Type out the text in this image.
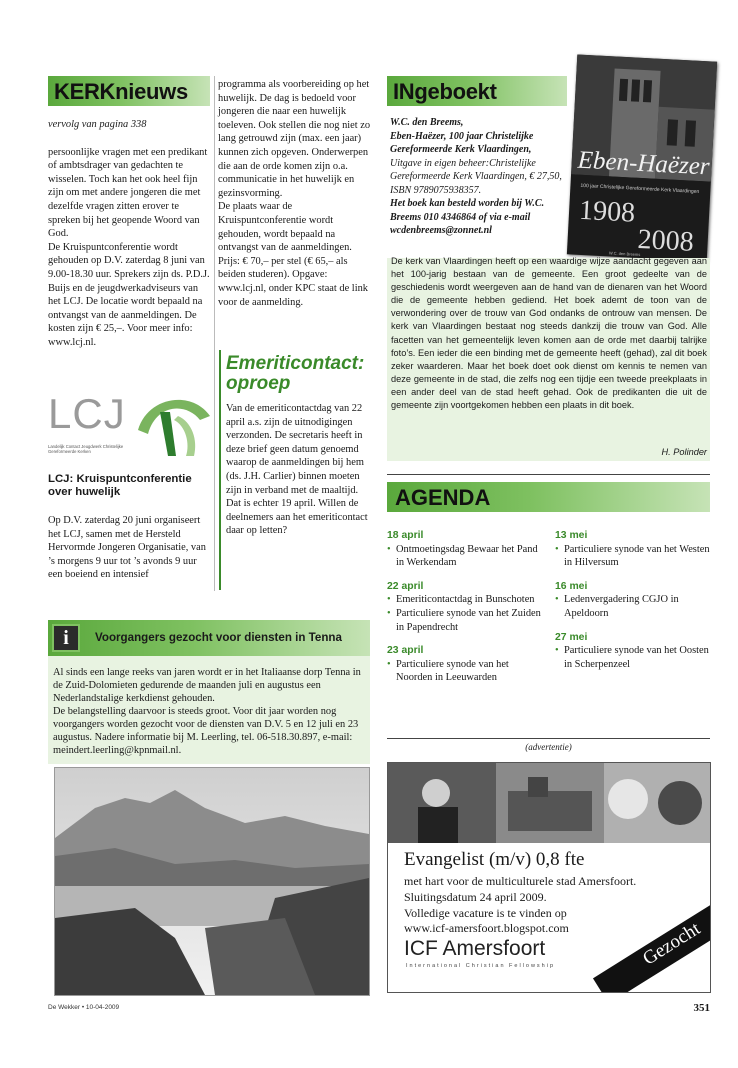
KERKnieuws

vervolg van pagina 338

persoonlijke vragen met een predikant of ambtsdrager van gedachten te wisselen. Toch kan het ook heel fijn zijn om met andere jongeren die met dezelfde vragen zitten erover te spreken bij het geopende Woord van God.

De Kruispuntconferentie wordt gehouden op D.V. zaterdag 8 juni van 9.00-18.30 uur. Sprekers zijn ds. P.D.J. Buijs en de jeugdwerkadviseurs van het LCJ. De locatie wordt bepaald na ontvangst van de aanmeldingen. De kosten zijn € 25,–. Voor meer info: www.lcj.nl.

LCJ
Landelijk Contact Jeugdwerk Christelijke Gereformeerde Kerken
LCJ: Kruispuntconferentie over huwelijk
Op D.V. zaterdag 20 juni organiseert het LCJ, samen met de Hersteld Hervormde Jongeren Organisatie, van ’s morgens 9 uur tot ’s avonds 9 uur een boeiend en intensief

programma als voorbereiding op het huwelijk. De dag is bedoeld voor jongeren die naar een huwelijk toeleven. Ook stellen die nog niet zo lang getrouwd zijn (max. een jaar) kunnen zich opgeven. Onderwerpen die aan de orde komen zijn o.a. communicatie in het huwelijk en gezinsvorming.

De plaats waar de Kruispuntconferentie wordt gehouden, wordt bepaald na ontvangst van de aanmeldingen. Prijs: € 70,– per stel (€ 65,– als beiden studeren). Opgave: www.lcj.nl, onder KPC staat de link voor de aanmelding.

Emeriticontact: oproep
Van de emeriticontactdag van 22 april a.s. zijn de uitnodigingen verzonden. De secretaris heeft in deze brief geen datum genoemd waarop de aanmeldingen bij hem (ds. J.H. Carlier) binnen moeten zijn in verband met de maaltijd. Dat is echter 19 april. Willen de deelnemers aan het emeriticontact daar op letten?
INgeboekt
W.C. den Breems,
Eben-Haëzer, 100 jaar Christelijke Gereformeerde Kerk Vlaardingen,
Uitgave in eigen beheer:Christelijke Gereformeerde Kerk Vlaardingen, € 27,50, ISBN 9789075938357.
Het boek kan besteld worden bij W.C. Breems 010 4346864 of via e-mail wcdenbreems@zonnet.nl
Eben-Haëzer
100 jaar Christelijke Gereformeerde Kerk Vlaardingen
1908
2008
W.C. den Breems
De kerk van Vlaardingen heeft op een waardige wijze aandacht gegeven aan het 100-jarig bestaan van de gemeente. Een groot gedeelte van de geschiedenis wordt weergeven aan de hand van de dienaren van het Woord die de gemeente hebben gediend. Het boek ademt de toon van de verwondering over de trouw van God ondanks de ontrouw van mensen. De kerk van Vlaardingen bestaat nog steeds dankzij die trouw van God. Alle facetten van het gemeentelijk leven komen aan de orde met daarbij talrijke foto’s. Een ieder die een binding met de gemeente heeft (gehad), zal dit boek zeker waarderen. Maar het boek doet ook dienst om kennis te nemen van deze gemeente in de stad, die zelfs nog een tijdje een tweede preekplaats in een ander deel van de stad heeft gehad. Ook de predikanten die uit de gemeente zijn voortgekomen hebben een plaats in dit boek.
H. Polinder
AGENDA
18 april
• Ontmoetingsdag Bewaar het Pand in Werkendam
22 april
• Emeriticontactdag in Bunschoten
• Particuliere synode van het Zuiden in Papendrecht
23 april
• Particuliere synode van het Noorden in Leeuwarden
13 mei
• Particuliere synode van het Westen in Hilversum
16 mei
• Ledenvergadering CGJO in Apeldoorn
27 mei
• Particuliere synode van het Oosten in Scherpenzeel
i	Voorgangers gezocht voor diensten in Tenna

Al sinds een lange reeks van jaren wordt er in het Italiaanse dorp Tenna in de Zuid-Dolomieten gedurende de maanden juli en augustus een Nederlandstalige kerkdienst gehouden.

De belangstelling daarvoor is steeds groot. Voor dit jaar worden nog voorgangers worden gezocht voor de diensten van D.V. 5 en 12 juli en 23 augustus. Nadere informatie bij M. Leerling, tel. 06-518.30.897, e-mail: meindert.leerling@kpnmail.nl.	(advertentie)
Evangelist (m/v) 0,8 fte
met hart voor de multiculturele stad Amersfoort.
Sluitingsdatum 24 april 2009.
Volledige vacature is te vinden op
www.icf-amersfoort.blogspot.com
ICF Amersfoort
International Christian Fellowship	Gezocht
De Wekker • 10-04-2009	351
